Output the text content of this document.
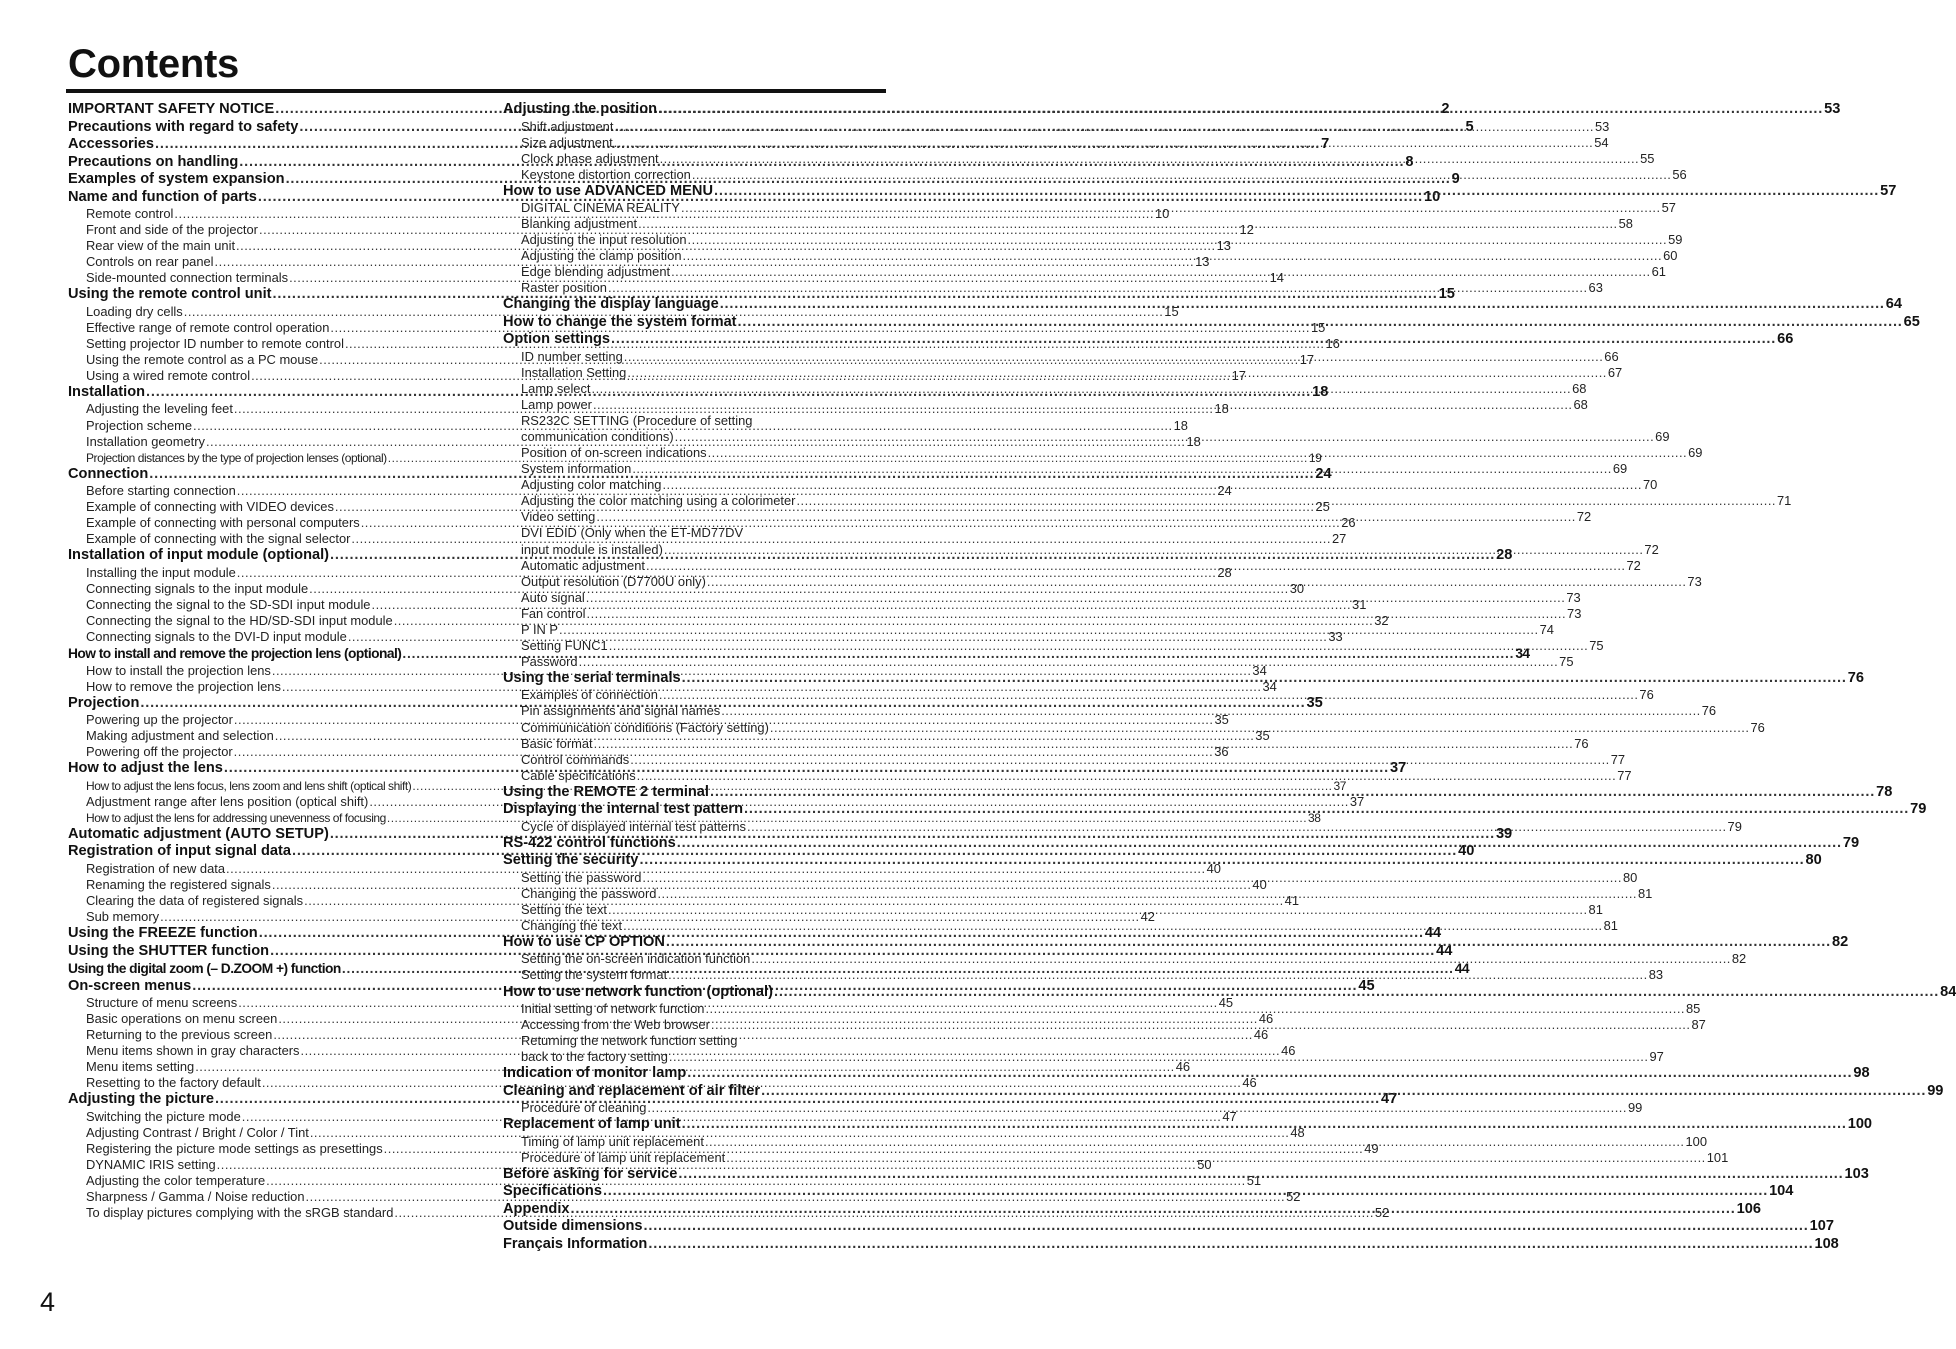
Contents
IMPORTANT SAFETY NOTICE .....	2
Precautions with regard to safety .....	5
Accessories .....	7
Precautions on handling .....	8
Examples of system expansion .....	9
Name and function of parts .....	10
Remote control .....	10
Front and side of the projector .....	12
Rear view of the main unit .....	13
Controls on rear panel .....	13
Side-mounted connection terminals .....	14
Using the remote control unit .....	15
Loading dry cells .....	15
Effective range of remote control operation .....	15
Setting projector ID number to remote control .....	16
Using the remote control as a PC mouse .....	17
Using a wired remote control .....	17
Installation .....	18
Adjusting the leveling feet .....	18
Projection scheme .....	18
Installation geometry .....	18
Projection distances by the type of projection lenses (optional) .....	19
Connection .....	24
Before starting connection .....	24
Example of connecting with VIDEO devices .....	25
Example of connecting with personal computers .....	26
Example of connecting with the signal selector .....	27
Installation of input module (optional) .....	28
Installing the input module .....	28
Connecting signals to the input module .....	30
Connecting the signal to the SD-SDI input module .....	31
Connecting the signal to the HD/SD-SDI input module .....	32
Connecting signals to the DVI-D input module .....	33
How to install and remove the projection lens (optional) .....	34
How to install the projection lens .....	34
How to remove the projection lens .....	34
Projection .....	35
Powering up the projector .....	35
Making adjustment and selection .....	35
Powering off the projector .....	36
How to adjust the lens .....	37
How to adjust the lens focus, lens zoom and lens shift (optical shift) .....	37
Adjustment range after lens position (optical shift) .....	37
How to adjust the lens for addressing unevenness of focusing .....	38
Automatic adjustment (AUTO SETUP) .....	39
Registration of input signal data .....	40
Registration of new data .....	40
Renaming the registered signals .....	40
Clearing the data of registered signals .....	41
Sub memory .....	42
Using the FREEZE function .....	44
Using the SHUTTER function .....	44
Using the digital zoom (– D.ZOOM +) function .....	44
On-screen menus .....	45
Structure of menu screens .....	45
Basic operations on menu screen .....	46
Returning to the previous screen .....	46
Menu items shown in gray characters .....	46
Menu items setting .....	46
Resetting to the factory default .....	46
Adjusting the picture .....	47
Switching the picture mode .....	47
Adjusting Contrast / Bright / Color / Tint .....	48
Registering the picture mode settings as presettings .....	49
DYNAMIC IRIS setting .....	50
Adjusting the color temperature .....	51
Sharpness / Gamma / Noise reduction .....	52
To display pictures complying with the sRGB standard .....	52
Adjusting the position .....	53
Shift adjustment .....	53
Size adjustment .....	54
Clock phase adjustment .....	55
Keystone distortion correction .....	56
How to use ADVANCED MENU .....	57
DIGITAL CINEMA REALITY .....	57
Blanking adjustment .....	58
Adjusting the input resolution .....	59
Adjusting the clamp position .....	60
Edge blending adjustment .....	61
Raster position .....	63
Changing the display language .....	64
How to change the system format .....	65
Option settings .....	66
ID number setting .....	66
Installation Setting .....	67
Lamp select .....	68
Lamp power .....	68
RS232C SETTING (Procedure of setting
communication conditions) .....	69
Position of on-screen indications .....	69
System information .....	69
Adjusting color matching .....	70
Adjusting the color matching using a colorimeter .....	71
Video setting .....	72
DVI EDID (Only when the ET-MD77DV
input module is installed) .....	72
Automatic adjustment .....	72
Output resolution (D7700U only) .....	73
Auto signal .....	73
Fan control .....	73
P IN P .....	74
Setting FUNC1 .....	75
Password .....	75
Using the serial terminals .....	76
Examples of connection .....	76
Pin assignments and signal names .....	76
Communication conditions (Factory setting) .....	76
Basic format .....	76
Control commands .....	77
Cable specifications .....	77
Using the REMOTE 2 terminal .....	78
Displaying the internal test pattern .....	79
Cycle of displayed internal test patterns .....	79
RS-422 control functions .....	79
Setting the security .....	80
Setting the password .....	80
Changing the password .....	81
Setting the text .....	81
Changing the text .....	81
How to use CP OPTION .....	82
Setting the on-screen indication function .....	82
Setting the system format .....	83
How to use network function (optional) .....	84
Initial setting of network function .....	85
Accessing from the Web browser .....	87
Returning the network function setting
back to the factory setting .....	97
Indication of monitor lamp .....	98
Cleaning and replacement of air filter .....	99
Procedure of cleaning .....	99
Replacement of lamp unit .....	100
Timing of lamp unit replacement .....	100
Procedure of lamp unit replacement .....	101
Before asking for service .....	103
Specifications .....	104
Appendix .....	106
Outside dimensions .....	107
Français Information .....	108
4
